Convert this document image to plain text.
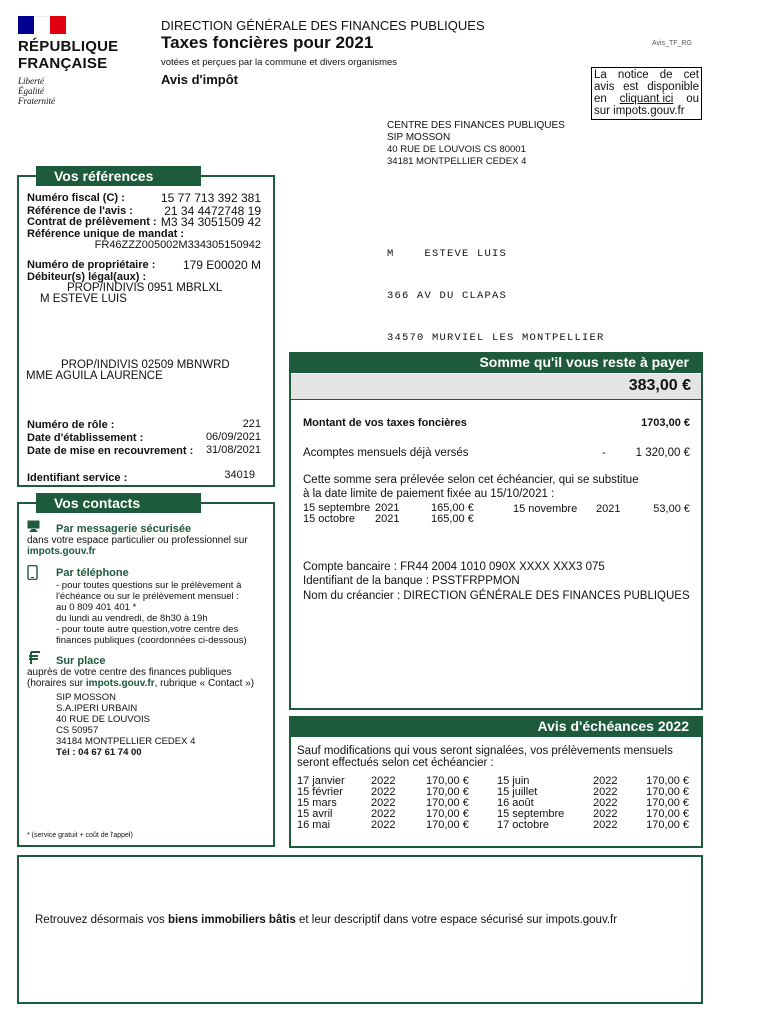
RÉPUBLIQUE
FRANÇAISE
Liberté
Égalité
Fraternité
DIRECTION GÉNÉRALE DES FINANCES PUBLIQUES
Taxes foncières pour 2021
votées et perçues par la commune et divers organismes
Avis d'impôt
Avis_TF_RG
La notice de cet
avis est disponible
en cliquant ici ou
sur impots.gouv.fr
CENTRE DES FINANCES PUBLIQUES
SIP MOSSON
40 RUE DE LOUVOIS CS 80001
34181 MONTPELLIER CEDEX 4

M    ESTEVE LUIS

366 AV DU CLAPAS

34570 MURVIEL LES MONTPELLIER

Vos références
Numéro fiscal (C) :	15 77 713 392 381
Référence de l'avis :	21 34 4472748 19
Contrat de prélèvement : M3 34 3051509 42
Référence unique de mandat :
FR46ZZZ005002M334305150942
Numéro de propriétaire : 179 E00020 M
Débiteur(s) légal(aux) :
PROP/INDIVIS 0951 MBRLXL
M ESTEVE LUIS
PROP/INDIVIS 02509 MBNWRD
MME AGUILA LAURENCE
Numéro de rôle :	221
Date d'établissement :	06/09/2021
Date de mise en recouvrement : 31/08/2021
Identifiant service :	34019
Vos contacts
Par messagerie sécurisée
dans votre espace particulier ou professionnel sur
impots.gouv.fr
Par téléphone
- pour toutes questions sur le prélèvement à
l'échéance ou sur le prélèvement mensuel :
au 0 809 401 401 *
du lundi au vendredi, de 8h30 à 19h
- pour toute autre question,votre centre des
finances publiques (coordonnées ci-dessous)
Sur place
auprès de votre centre des finances publiques
(horaires sur impots.gouv.fr, rubrique « Contact »)
SIP MOSSON
S.A.IPERI URBAIN
40 RUE DE LOUVOIS
CS 50957
34184 MONTPELLIER CEDEX 4
Tél : 04 67 61 74 00
* (service gratuit + coût de l'appel)
Somme qu'il vous reste à payer
383,00 €
Montant de vos taxes foncières	1703,00 €
Acomptes mensuels déjà versés	-	1 320,00 €
Cette somme sera prélevée selon cet échéancier, qui se substitue
à la date limite de paiement fixée au 15/10/2021 :
15 septembre	2021	165,00 €
15 octobre	2021	165,00 €
15 novembre 2021	53,00 €
Compte bancaire : FR44 2004 1010 090X XXXX XXX3 075
Identifiant de la banque : PSSTFRPPMON
Nom du créancier : DIRECTION GÉNÉRALE DES FINANCES PUBLIQUES
Avis d'échéances 2022
Sauf modifications qui vous seront signalées, vos prélèvements mensuels
seront effectués selon cet échéancier :
17 janvier	2022	170,00 €
15 février	2022	170,00 €
15 mars	2022	170,00 €
15 avril	2022	170,00 €
16 mai	2022	170,00 €
15 juin	2022	170,00 €
15 juillet	2022	170,00 €
16 août	2022	170,00 €
15 septembre	2022	170,00 €
17 octobre	2022	170,00 €
Retrouvez désormais vos biens immobiliers bâtis et leur descriptif dans votre espace sécurisé sur impots.gouv.fr
